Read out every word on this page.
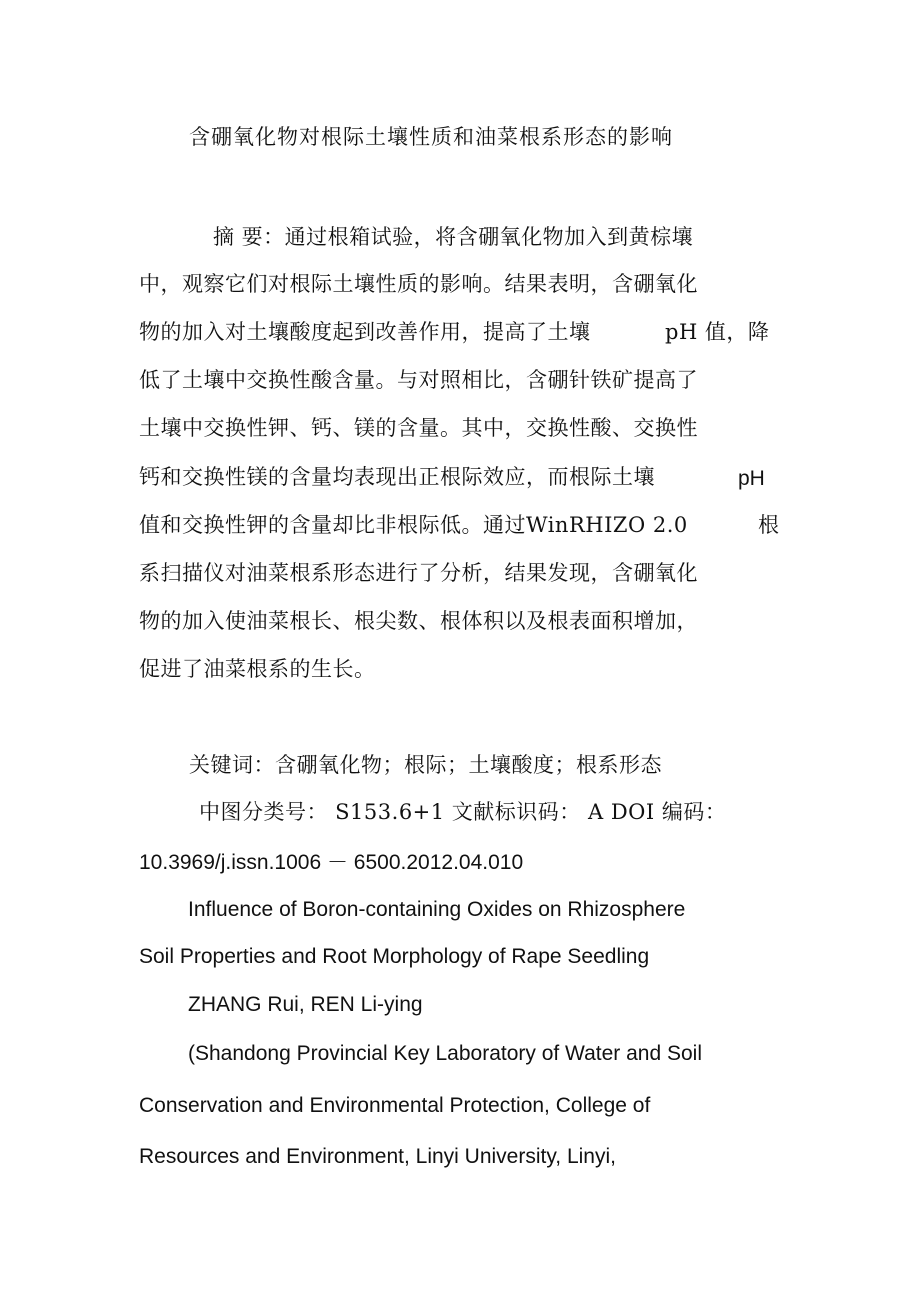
含硼氧化物对根际土壤性质和油菜根系形态的影响

摘 要：通过根箱试验，将含硼氧化物加入到黄棕壤

中，观察它们对根际土壤性质的影响。结果表明，含硼氧化

物的加入对土壤酸度起到改善作用，提高了土壤	pH 值，降

低了土壤中交换性酸含量。与对照相比，含硼针铁矿提高了

土壤中交换性钾、钙、镁的含量。其中，交换性酸、交换性

钙和交换性镁的含量均表现出正根际效应，而根际土壤	pH

值和交换性钾的含量却比非根际低。通过WinRHIZO 2.0	根

系扫描仪对油菜根系形态进行了分析，结果发现，含硼氧化

物的加入使油菜根长、根尖数、根体积以及根表面积增加，

促进了油菜根系的生长。

关键词：含硼氧化物；根际；土壤酸度；根系形态

中图分类号： S153.6+1 文献标识码： A DOI 编码：

10.3969/j.issn.1006 － 6500.2012.04.010

Influence of Boron-containing Oxides on Rhizosphere

Soil Properties and Root Morphology of Rape Seedling

ZHANG Rui, REN Li-ying

(Shandong Provincial Key Laboratory of Water and Soil

Conservation and Environmental Protection, College of

Resources and Environment, Linyi University, Linyi,
